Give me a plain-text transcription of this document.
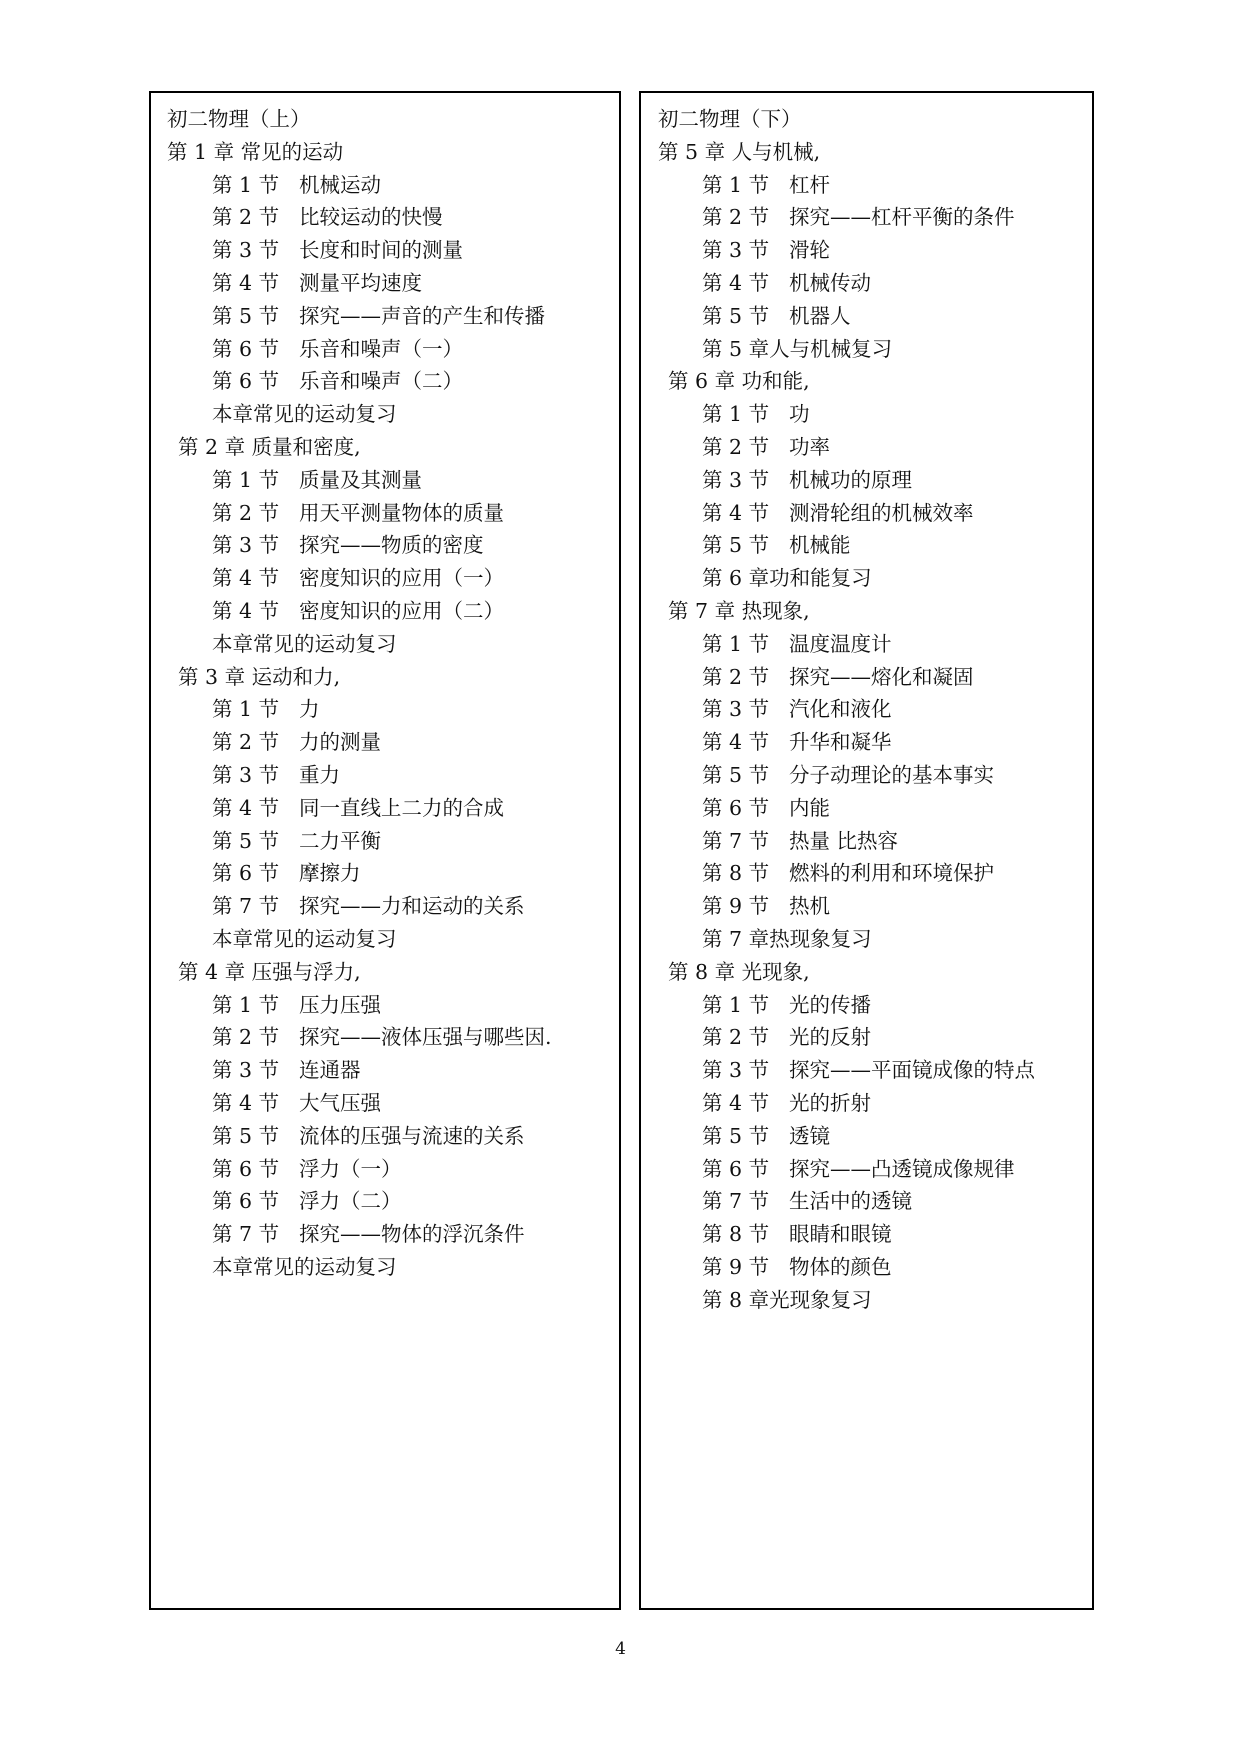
初二物理（上）
第 1 章 常见的运动
第 1 节 机械运动
第 2 节 比较运动的快慢
第 3 节 长度和时间的测量
第 4 节 测量平均速度
第 5 节 探究——声音的产生和传播
第 6 节 乐音和噪声（一）
第 6 节 乐音和噪声（二）
本章常见的运动复习
第 2 章 质量和密度,
第 1 节 质量及其测量
第 2 节 用天平测量物体的质量
第 3 节 探究——物质的密度
第 4 节 密度知识的应用（一）
第 4 节 密度知识的应用（二）
本章常见的运动复习
第 3 章 运动和力,
第 1 节 力
第 2 节 力的测量
第 3 节 重力
第 4 节 同一直线上二力的合成
第 5 节 二力平衡
第 6 节 摩擦力
第 7 节 探究——力和运动的关系
本章常见的运动复习
第 4 章 压强与浮力,
第 1 节 压力压强
第 2 节 探究——液体压强与哪些因.
第 3 节 连通器
第 4 节 大气压强
第 5 节 流体的压强与流速的关系
第 6 节 浮力（一）
第 6 节 浮力（二）
第 7 节 探究——物体的浮沉条件
本章常见的运动复习
初二物理（下）
第 5 章 人与机械,
第 1 节 杠杆
第 2 节 探究——杠杆平衡的条件
第 3 节 滑轮
第 4 节 机械传动
第 5 节 机器人
第 5 章人与机械复习
第 6 章 功和能,
第 1 节 功
第 2 节 功率
第 3 节 机械功的原理
第 4 节 测滑轮组的机械效率
第 5 节 机械能
第 6 章功和能复习
第 7 章 热现象,
第 1 节 温度温度计
第 2 节 探究——熔化和凝固
第 3 节 汽化和液化
第 4 节 升华和凝华
第 5 节 分子动理论的基本事实
第 6 节 内能
第 7 节 热量 比热容
第 8 节 燃料的利用和环境保护
第 9 节 热机
第 7 章热现象复习
第 8 章 光现象,
第 1 节 光的传播
第 2 节 光的反射
第 3 节 探究——平面镜成像的特点
第 4 节 光的折射
第 5 节 透镜
第 6 节 探究——凸透镜成像规律
第 7 节 生活中的透镜
第 8 节 眼睛和眼镜
第 9 节 物体的颜色
第 8 章光现象复习
4
